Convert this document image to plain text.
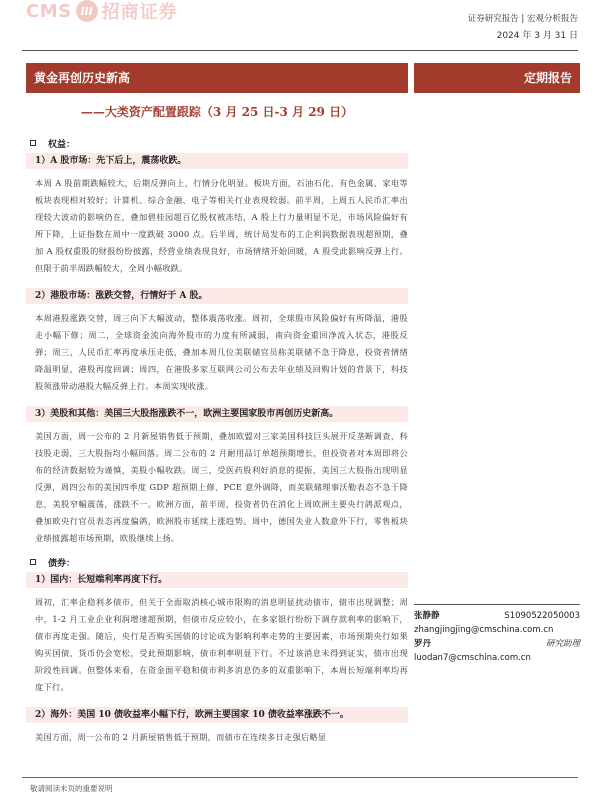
CMS III 招商证券	证券研究报告 | 宏观分析报告
2024 年 3 月 31 日
黄金再创历史新高	定期报告
——大类资产配置跟踪（3 月 25 日-3 月 29 日）
权益：
1）A 股市场：先下后上，震荡收跌。
本周 A 股前期跌幅较大，后期反弹向上，行情分化明显。板块方面，石油石化、有色金属、家电等板块表现相对较好；计算机、综合金融、电子等相关行业表现较弱。前半周，上周五人民币汇率出现较大波动的影响仍在，叠加碧桂园超百亿股权被冻结，A 股上行力量明显不足，市场风险偏好有所下降，上证指数在周中一度跌破 3000 点。后半周，统计局发布的工企利润数据表现超预期，叠加 A 股权重股的财报纷纷披露，经营业绩表现良好，市场情绪开始回暖，A 股受此影响反弹上行。但限于前半周跌幅较大，全周小幅收跌。
2）港股市场：涨跌交替，行情好于 A 股。
本周港股涨跌交替，周三向下大幅波动，整体震荡收涨。周初，全球股市风险偏好有所降温，港股走小幅下修；周二，全球资金流向海外股市的力度有所减弱，南向资金重回净流入状态，港股反弹；周三，人民币汇率再度承压走低，叠加本周几位美联储官员称美联储不急于降息，投资者情绪降温明显，港股再度回调；周四，在港股多家互联网公司公布去年业绩及回购计划的背景下，科技股领涨带动港股大幅反弹上行。本周实现收涨。
3）美股和其他：美国三大股指涨跌不一，欧洲主要国家股市再创历史新高。
美国方面，周一公布的 2 月新屋销售低于预期，叠加欧盟对三家美国科技巨头展开反垄断调查，科技股走弱，三大股指均小幅回落。周二公布的 2 月耐用品订单超预期增长，但投资者对本周即将公布的经济数据较为谨慎，美股小幅收跌。周三，受医药股利好消息的提振，美国三大股指出现明显反弹，周四公布的美国四季度 GDP 超预期上修、PCE 意外调降，而美联储理事沃勒表态不急于降息，美股窄幅震荡，涨跌不一。欧洲方面，前半周，投资者仍在消化上周欧洲主要央行鸽派观点，叠加欧央行官员表态再度偏鸽，欧洲股市延续上涨趋势。周中，德国失业人数意外下行，零售板块业绩披露超市场预期，欧股继续上扬。
债券：
1）国内：长短端利率再度下行。
周初，汇率企稳利多债市，但关于全面取消核心城市限购的消息明显扰动债市，债市出现调整；周中，1-2 月工业企业利润增速超预期，但债市反应较小，在多家银行纷纷下调存款利率的影响下，债市再度走强。随后，央行是否购买国债的讨论成为影响利率走势的主要因素，市场预期央行如果购买国债，货币仍会宽松，受此预期影响，债市利率明显下行。不过该消息未得到证实，债市出现阶段性回调。但整体来看，在资金面平稳和债市利多消息仍多的双重影响下，本周长短端利率均再度下行。
2）海外：美国 10 债收益率小幅下行，欧洲主要国家 10 债收益率涨跌不一。
美国方面，周一公布的 2 月新屋销售低于预期，而债市在连续多日走强后略显
张静静	S1090522050003
zhangjingjing@cmschina.com.cn
罗丹	研究助理
luodan7@cmschina.com.cn
敬请阅读末页的重要说明
